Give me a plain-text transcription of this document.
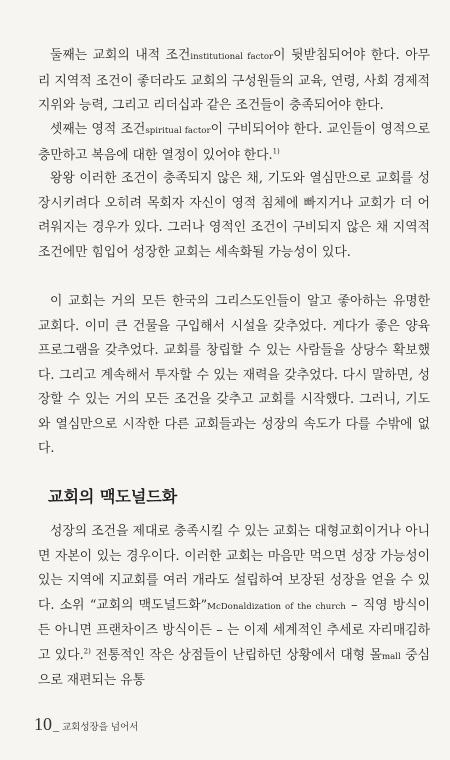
둘째는 교회의 내적 조건institutional factor이 뒷받침되어야 한다. 아무리 지역적 조건이 좋더라도 교회의 구성원들의 교육, 연령, 사회 경제적 지위와 능력, 그리고 리더십과 같은 조건들이 충족되어야 한다.

셋째는 영적 조건spiritual factor이 구비되어야 한다. 교인들이 영적으로 충만하고 복음에 대한 열정이 있어야 한다.$^{1)}$

왕왕 이러한 조건이 충족되지 않은 채, 기도와 열심만으로 교회를 성장시키려다 오히려 목회자 자신이 영적 침체에 빠지거나 교회가 더 어려워지는 경우가 있다. 그러나 영적인 조건이 구비되지 않은 채 지역적 조건에만 힘입어 성장한 교회는 세속화될 가능성이 있다.

이 교회는 거의 모든 한국의 그리스도인들이 알고 좋아하는 유명한 교회다. 이미 큰 건물을 구입해서 시설을 갖추었다. 게다가 좋은 양육 프로그램을 갖추었다. 교회를 창립할 수 있는 사람들을 상당수 확보했다. 그리고 계속해서 투자할 수 있는 재력을 갖추었다. 다시 말하면, 성장할 수 있는 거의 모든 조건을 갖추고 교회를 시작했다. 그러니, 기도와 열심만으로 시작한 다른 교회들과는 성장의 속도가 다를 수밖에 없다.

교회의 맥도널드화

성장의 조건을 제대로 충족시킬 수 있는 교회는 대형교회이거나 아니면 자본이 있는 경우이다. 이러한 교회는 마음만 먹으면 성장 가능성이 있는 지역에 지교회를 여러 개라도 설립하여 보장된 성장을 얻을 수 있다. 소위 “교회의 맥도널드화”McDonaldization of the church – 직영 방식이든 아니면 프랜차이즈 방식이든 – 는 이제 세계적인 추세로 자리매김하고 있다.$^{2)}$ 전통적인 작은 상점들이 난립하던 상황에서 대형 몰mall 중심으로 재편되는 유통

10_ 교회성장을 넘어서
